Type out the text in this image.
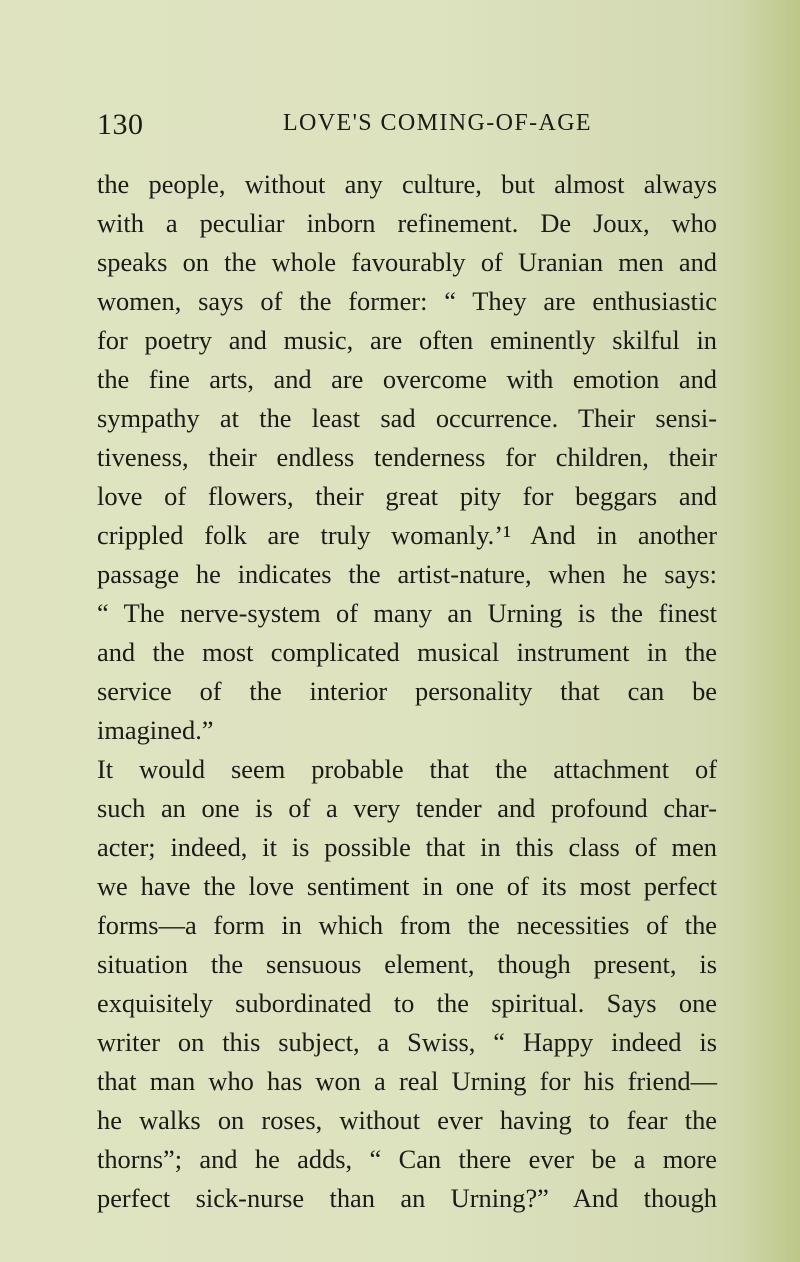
130	LOVE'S COMING-OF-AGE
the people, without any culture, but almost always
with a peculiar inborn refinement. De Joux, who
speaks on the whole favourably of Uranian men and
women, says of the former: “ They are enthusiastic
for poetry and music, are often eminently skilful in
the fine arts, and are overcome with emotion and
sympathy at the least sad occurrence. Their sensi-
tiveness, their endless tenderness for children, their
love of flowers, their great pity for beggars and
crippled folk are truly womanly.’¹ And in another
passage he indicates the artist-nature, when he says:
“ The nerve-system of many an Urning is the finest
and the most complicated musical instrument in the
service of the interior personality that can be
imagined.”
It would seem probable that the attachment of
such an one is of a very tender and profound char-
acter; indeed, it is possible that in this class of men
we have the love sentiment in one of its most perfect
forms—a form in which from the necessities of the
situation the sensuous element, though present, is
exquisitely subordinated to the spiritual. Says one
writer on this subject, a Swiss, “ Happy indeed is
that man who has won a real Urning for his friend—
he walks on roses, without ever having to fear the
thorns”; and he adds, “ Can there ever be a more
perfect sick-nurse than an Urning?” And though
